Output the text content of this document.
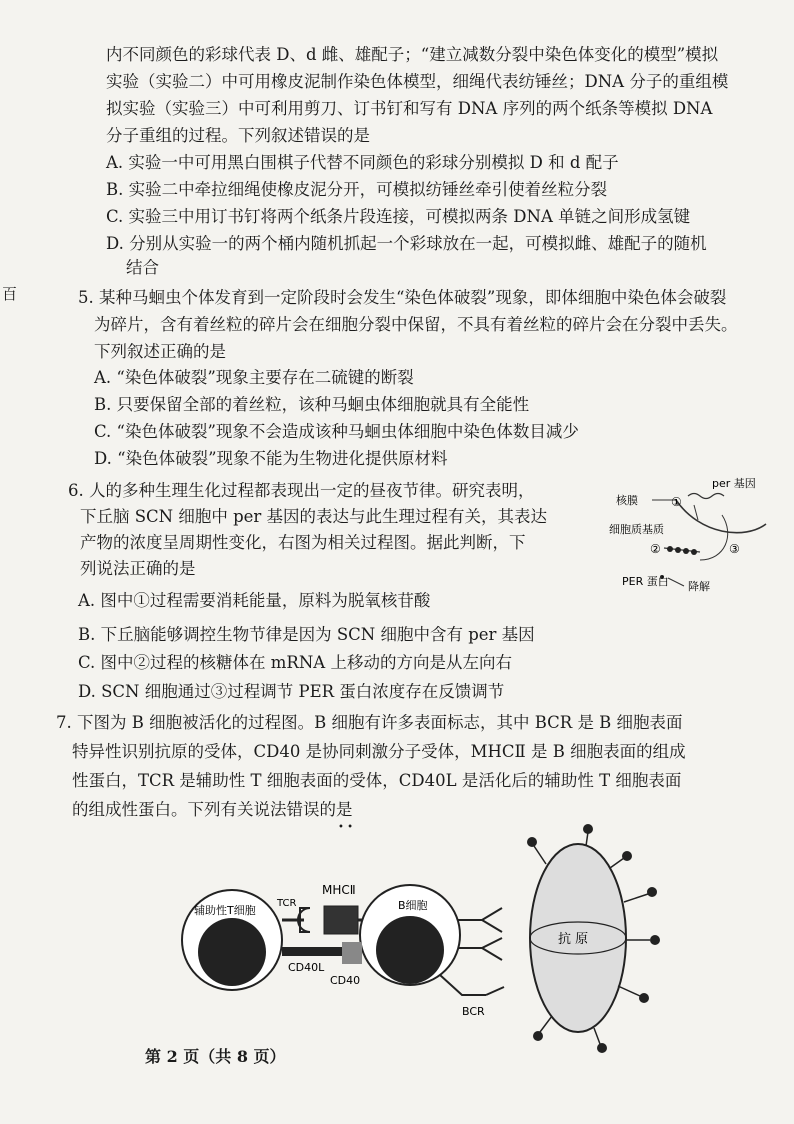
内不同颜色的彩球代表 D、d 雌、雄配子；“建立减数分裂中染色体变化的模型”模拟
实验（实验二）中可用橡皮泥制作染色体模型，细绳代表纺锤丝；DNA 分子的重组模
拟实验（实验三）中可利用剪刀、订书钉和写有 DNA 序列的两个纸条等模拟 DNA
分子重组的过程。下列叙述错误的是
A. 实验一中可用黑白围棋子代替不同颜色的彩球分别模拟 D 和 d 配子
B. 实验二中牵拉细绳使橡皮泥分开，可模拟纺锤丝牵引使着丝粒分裂
C. 实验三中用订书钉将两个纸条片段连接，可模拟两条 DNA 单链之间形成氢键
D. 分别从实验一的两个桶内随机抓起一个彩球放在一起，可模拟雌、雄配子的随机
结合
百	5. 某种马蛔虫个体发育到一定阶段时会发生“染色体破裂”现象，即体细胞中染色体会破裂
为碎片，含有着丝粒的碎片会在细胞分裂中保留，不具有着丝粒的碎片会在分裂中丢失。
下列叙述正确的是
A. “染色体破裂”现象主要存在二硫键的断裂
B. 只要保留全部的着丝粒，该种马蛔虫体细胞就具有全能性
C. “染色体破裂”现象不会造成该种马蛔虫体细胞中染色体数目减少
D. “染色体破裂”现象不能为生物进化提供原材料
6. 人的多种生理生化过程都表现出一定的昼夜节律。研究表明，
下丘脑 SCN 细胞中 per 基因的表达与此生理过程有关，其表达
产物的浓度呈周期性变化，右图为相关过程图。据此判断，下
列说法正确的是
A. 图中①过程需要消耗能量，原料为脱氧核苷酸
B. 下丘脑能够调控生物节律是因为 SCN 细胞中含有 per 基因
C. 图中②过程的核糖体在 mRNA 上移动的方向是从左向右
D. SCN 细胞通过③过程调节 PER 蛋白浓度存在反馈调节
7. 下图为 B 细胞被活化的过程图。B 细胞有许多表面标志，其中 BCR 是 B 细胞表面
特异性识别抗原的受体，CD40 是协同刺激分子受体，MHCⅡ 是 B 细胞表面的组成
性蛋白，TCR 是辅助性 T 细胞表面的受体，CD40L 是活化后的辅助性 T 细胞表面
的组成性蛋白。下列有关说法错误的是
• •
per 基因
核膜	①
细胞质基质
②	③
PER 蛋白 降解
辅助性T细胞	B细胞
TCR
MHCⅡ
CD40L
CD40
BCR
抗 原
第 2 页（共 8 页）
